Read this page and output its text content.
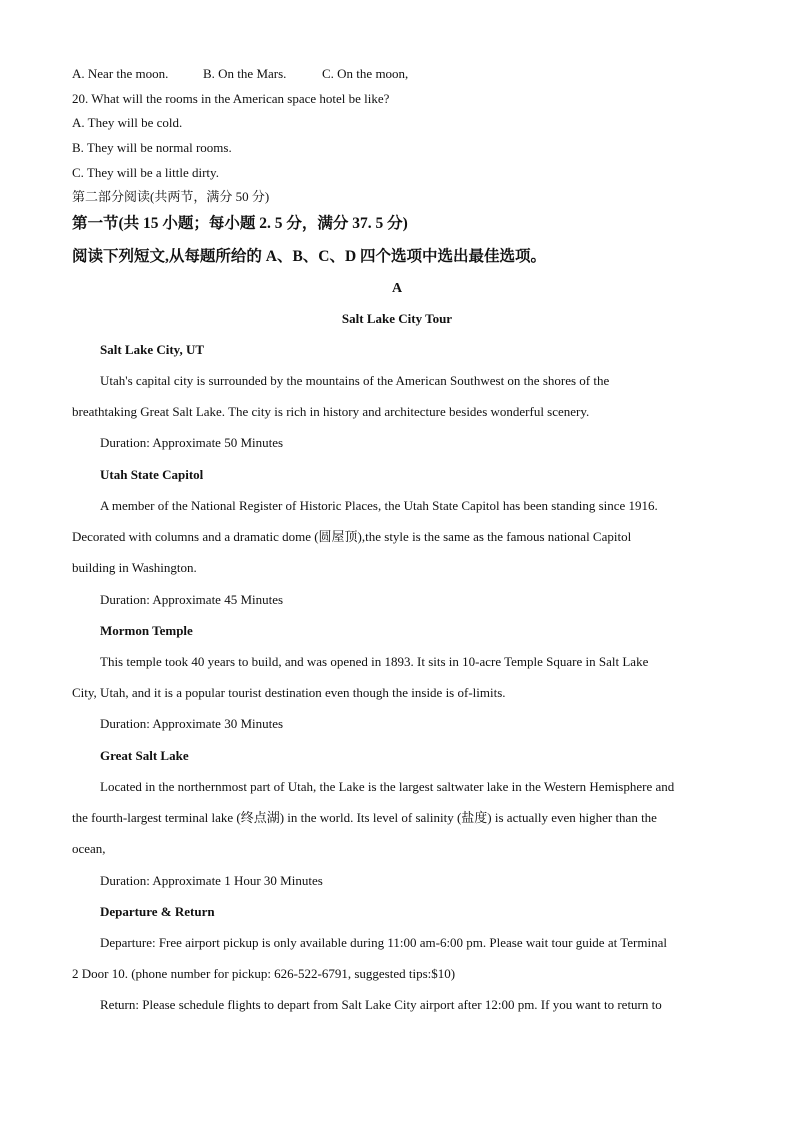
A. Near the moon.	B. On the Mars.	C. On the moon,
20. What will the rooms in the American space hotel be like?
A. They will be cold.
B. They will be normal rooms.
C. They will be a little dirty.
第二部分阅读(共两节，满分 50 分)
第一节(共 15 小题；每小题 2. 5 分，满分 37. 5 分)
阅读下列短文,从每题所给的 A、B、C、D 四个选项中选出最佳选项。
A
Salt Lake City Tour
Salt Lake City, UT
Utah's capital city is surrounded by the mountains of the American Southwest on the shores of the
breathtaking Great Salt Lake. The city is rich in history and architecture besides wonderful scenery.
Duration: Approximate 50 Minutes
Utah State Capitol
A member of the National Register of Historic Places, the Utah State Capitol has been standing since 1916.
Decorated with columns and a dramatic dome (圆屋顶),the style is the same as the famous national Capitol
building in Washington.
Duration: Approximate 45 Minutes
Mormon Temple
This temple took 40 years to build, and was opened in 1893. It sits in 10-acre Temple Square in Salt Lake
City, Utah, and it is a popular tourist destination even though the inside is of-limits.
Duration: Approximate 30 Minutes
Great Salt Lake
Located in the northernmost part of Utah, the Lake is the largest saltwater lake in the Western Hemisphere and
the fourth-largest terminal lake (终点湖) in the world. Its level of salinity (盐度) is actually even higher than the
ocean,
Duration: Approximate 1 Hour 30 Minutes
Departure & Return
Departure: Free airport pickup is only available during 11:00 am-6:00 pm. Please wait tour guide at Terminal
2 Door 10. (phone number for pickup: 626-522-6791, suggested tips:$10)
Return: Please schedule flights to depart from Salt Lake City airport after 12:00 pm. If you want to return to
